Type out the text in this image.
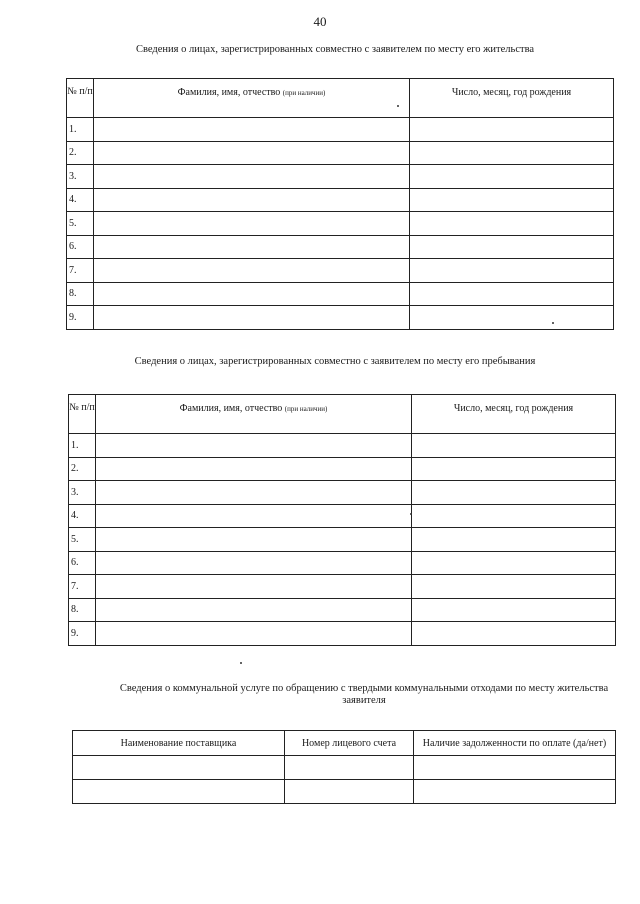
40
Сведения о лицах, зарегистрированных совместно с заявителем по месту его жительства
№ п/п	Фамилия, имя, отчество (при наличии)	Число, месяц, год рождения
1.		
2.		
3.		
4.		
5.		
6.		
7.		
8.		
9.		
Сведения о лицах, зарегистрированных совместно с заявителем по месту его пребывания
№ п/п	Фамилия, имя, отчество (при наличии)	Число, месяц, год рождения
1.		
2.		
3.		
4.		
5.		
6.		
7.		
8.		
9.		
Сведения о коммунальной услуге по обращению с твердыми коммунальными отходами по месту жительства заявителя
Наименование поставщика	Номер лицевого счета	Наличие задолженности по оплате (да/нет)
